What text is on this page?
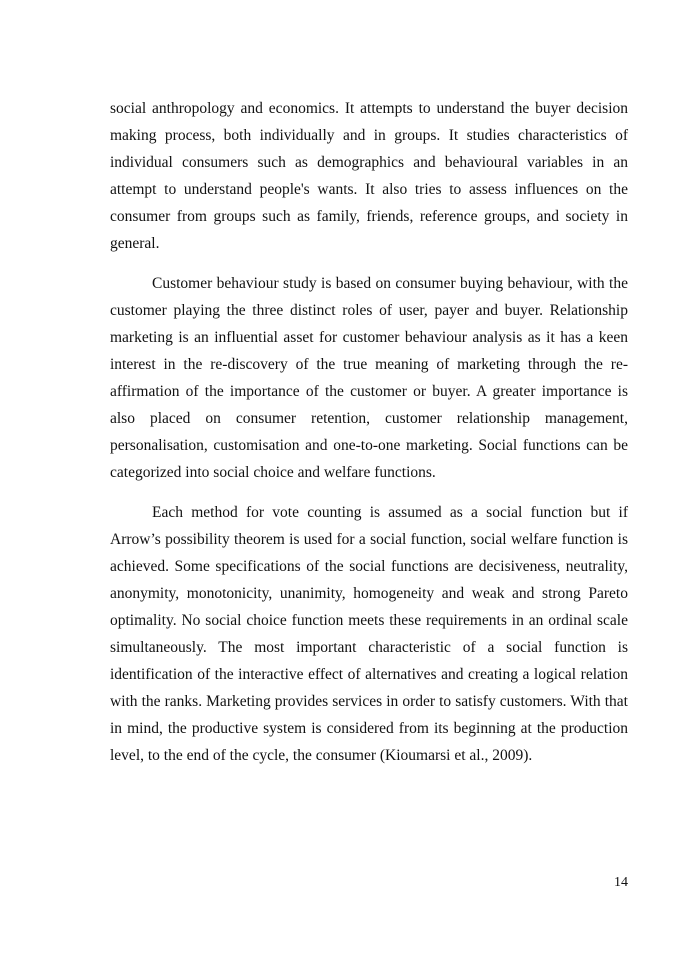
social anthropology and economics. It attempts to understand the buyer decision making process, both individually and in groups. It studies characteristics of individual consumers such as demographics and behavioural variables in an attempt to understand people's wants. It also tries to assess influences on the consumer from groups such as family, friends, reference groups, and society in general.

Customer behaviour study is based on consumer buying behaviour, with the customer playing the three distinct roles of user, payer and buyer. Relationship marketing is an influential asset for customer behaviour analysis as it has a keen interest in the re-discovery of the true meaning of marketing through the re-affirmation of the importance of the customer or buyer. A greater importance is also placed on consumer retention, customer relationship management, personalisation, customisation and one-to-one marketing. Social functions can be categorized into social choice and welfare functions.

Each method for vote counting is assumed as a social function but if Arrow’s possibility theorem is used for a social function, social welfare function is achieved. Some specifications of the social functions are decisiveness, neutrality, anonymity, monotonicity, unanimity, homogeneity and weak and strong Pareto optimality. No social choice function meets these requirements in an ordinal scale simultaneously. The most important characteristic of a social function is identification of the interactive effect of alternatives and creating a logical relation with the ranks. Marketing provides services in order to satisfy customers. With that in mind, the productive system is considered from its beginning at the production level, to the end of the cycle, the consumer (Kioumarsi et al., 2009).

14
